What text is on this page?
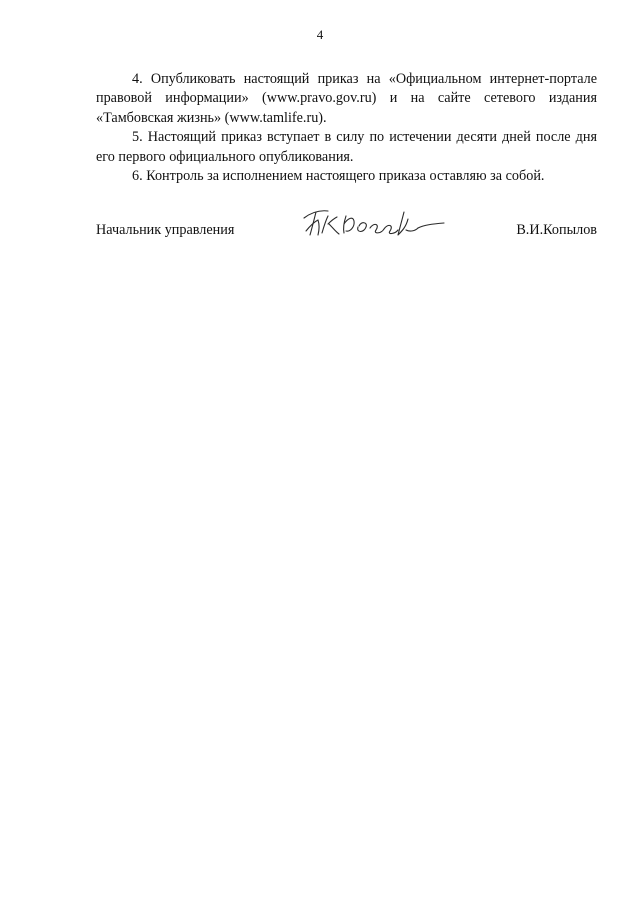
4

4. Опубликовать настоящий приказ на «Официальном интернет-портале правовой информации» (www.pravo.gov.ru) и на сайте сетевого издания «Тамбовская жизнь» (www.tamlife.ru).

5. Настоящий приказ вступает в силу по истечении десяти дней после дня его первого официального опубликования.

6. Контроль за исполнением настоящего приказа оставляю за собой.

Начальник управления	В.И.Копылов
